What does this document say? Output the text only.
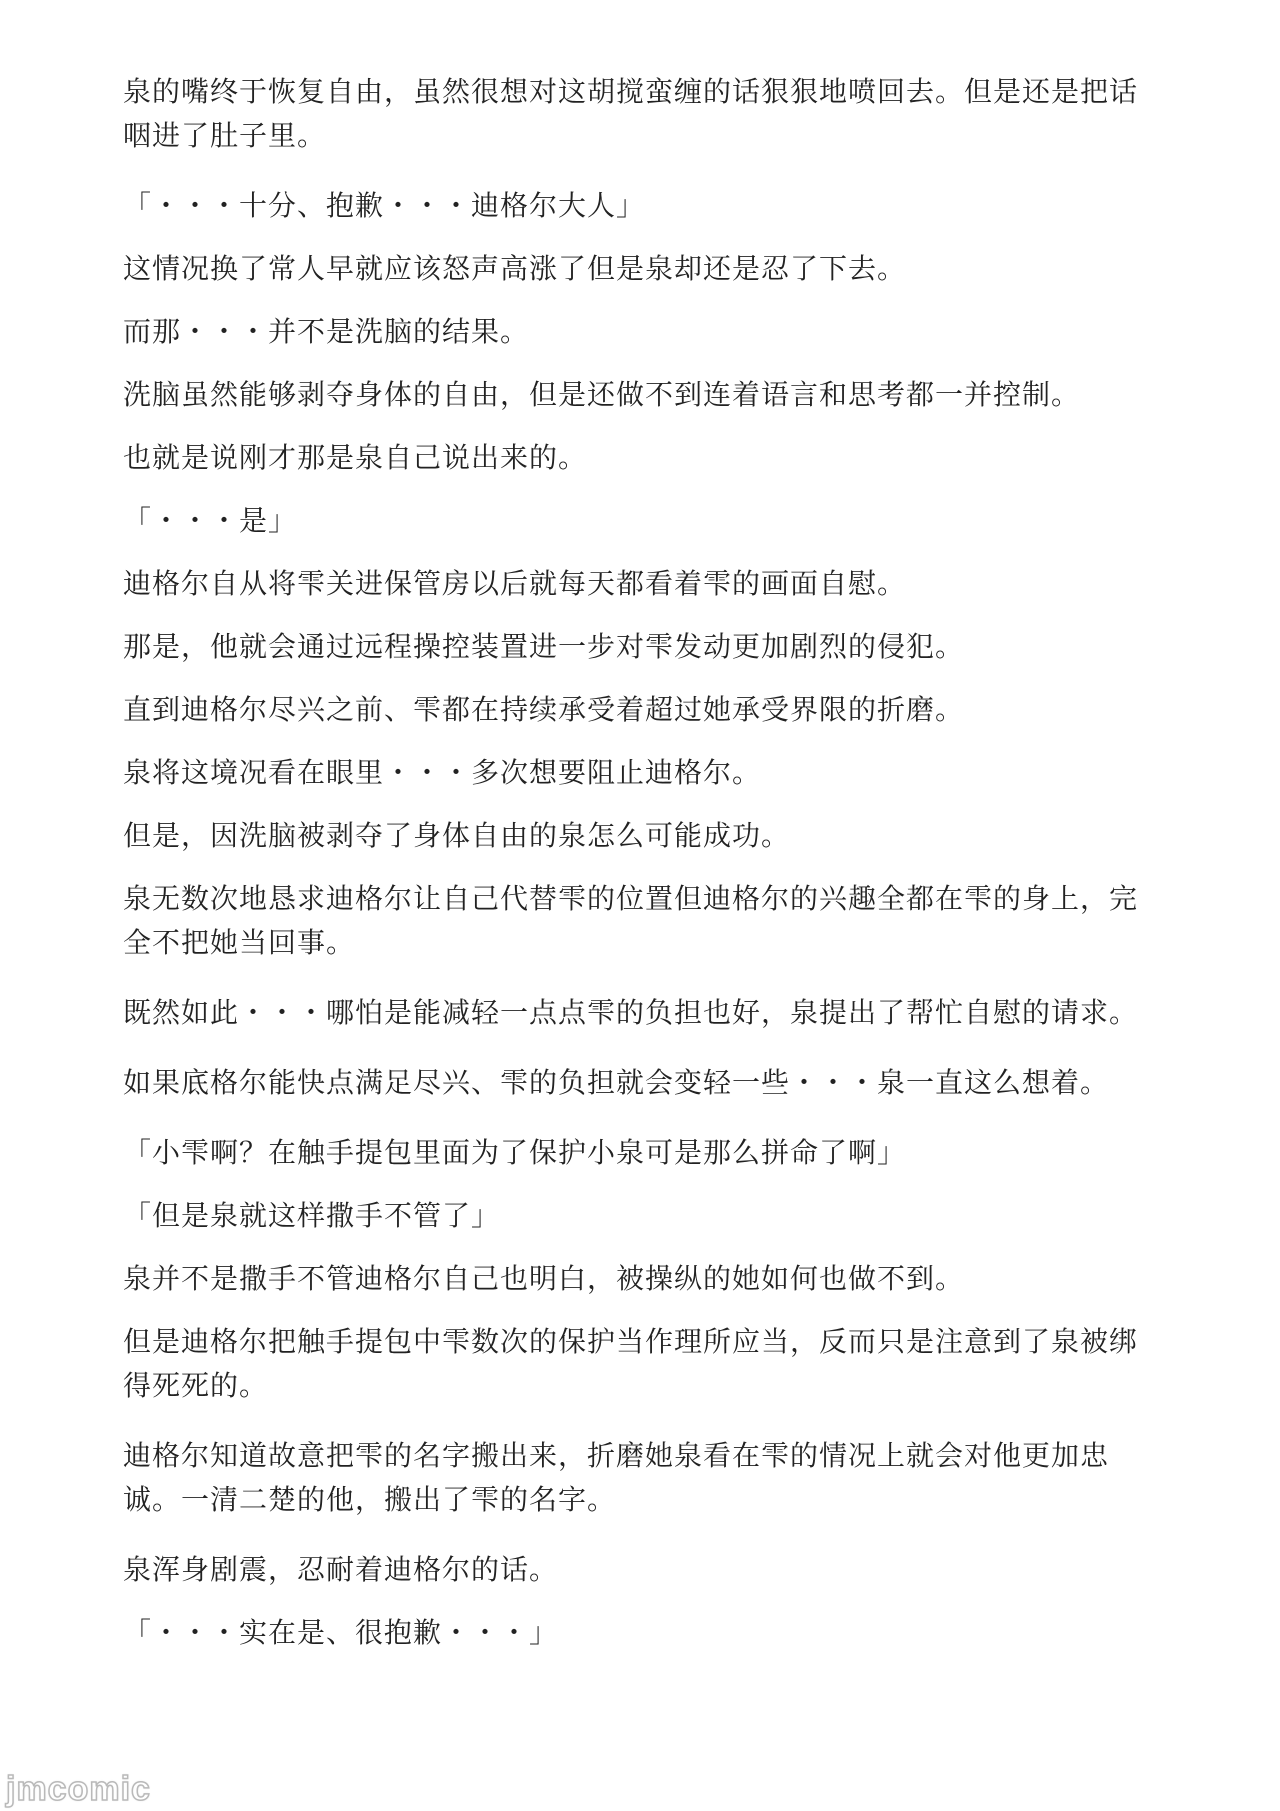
泉的嘴终于恢复自由，虽然很想对这胡搅蛮缠的话狠狠地喷回去。但是还是把话咽进了肚子里。

「・・・十分、抱歉・・・迪格尔大人」

这情况换了常人早就应该怒声高涨了但是泉却还是忍了下去。

而那・・・并不是洗脑的结果。

洗脑虽然能够剥夺身体的自由，但是还做不到连着语言和思考都一并控制。

也就是说刚才那是泉自己说出来的。

「・・・是」

迪格尔自从将雫关进保管房以后就每天都看着雫的画面自慰。

那是，他就会通过远程操控装置进一步对雫发动更加剧烈的侵犯。

直到迪格尔尽兴之前、雫都在持续承受着超过她承受界限的折磨。

泉将这境况看在眼里・・・多次想要阻止迪格尔。

但是，因洗脑被剥夺了身体自由的泉怎么可能成功。

泉无数次地恳求迪格尔让自己代替雫的位置但迪格尔的兴趣全都在雫的身上，完全不把她当回事。

既然如此・・・哪怕是能减轻一点点雫的负担也好，泉提出了帮忙自慰的请求。

如果底格尔能快点满足尽兴、雫的负担就会变轻一些・・・泉一直这么想着。

「小雫啊？在触手提包里面为了保护小泉可是那么拼命了啊」

「但是泉就这样撒手不管了」

泉并不是撒手不管迪格尔自己也明白，被操纵的她如何也做不到。

但是迪格尔把触手提包中雫数次的保护当作理所应当，反而只是注意到了泉被绑得死死的。

迪格尔知道故意把雫的名字搬出来，折磨她泉看在雫的情况上就会对他更加忠诚。一清二楚的他，搬出了雫的名字。

泉浑身剧震，忍耐着迪格尔的话。

「・・・实在是、很抱歉・・・」

jmcomic
